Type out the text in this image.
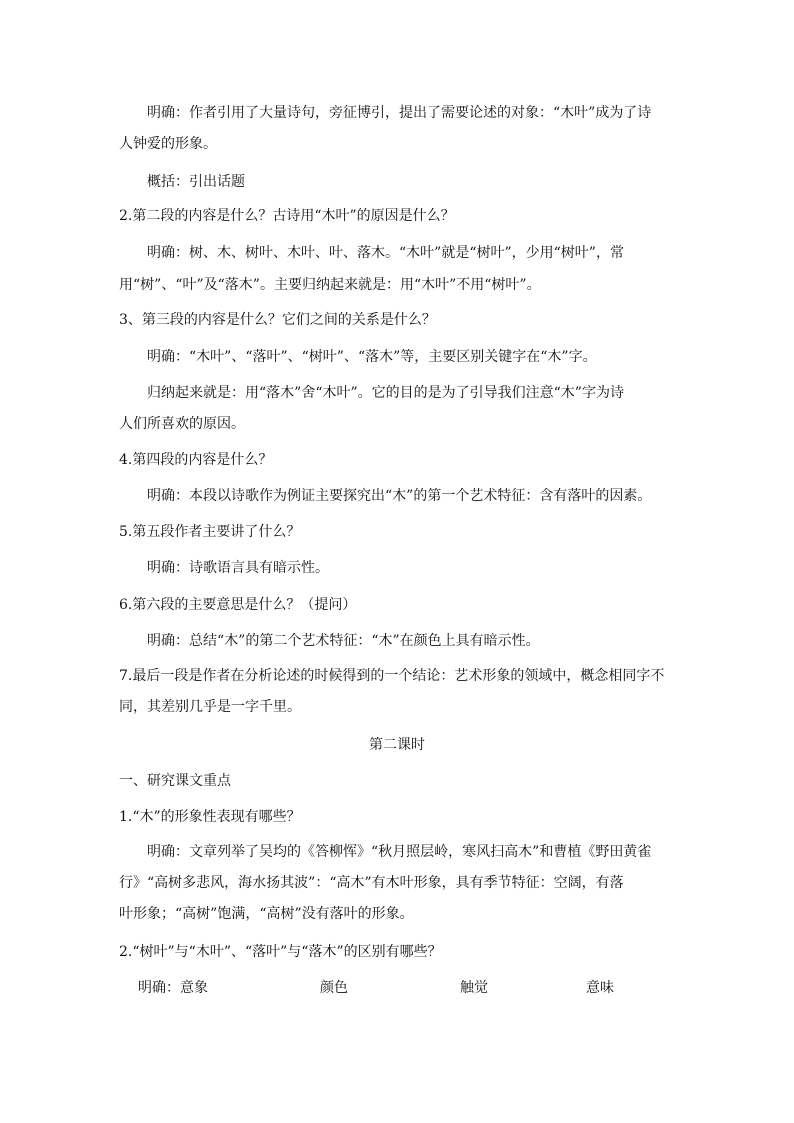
明确：作者引用了大量诗句，旁征博引，提出了需要论述的对象：“木叶”成为了诗
人钟爱的形象。
概括：引出话题
2.第二段的内容是什么？古诗用“木叶”的原因是什么？
明确：树、木、树叶、木叶、叶、落木。“木叶”就是“树叶”，少用“树叶”，常
用“树”、“叶”及“落木”。主要归纳起来就是：用“木叶”不用“树叶”。
3、第三段的内容是什么？它们之间的关系是什么？
明确：“木叶”、“落叶”、“树叶”、“落木”等，主要区别关键字在“木”字。
归纳起来就是：用“落木”舍“木叶”。它的目的是为了引导我们注意“木”字为诗
人们所喜欢的原因。
4.第四段的内容是什么？
明确：本段以诗歌作为例证主要探究出“木”的第一个艺术特征：含有落叶的因素。
5.第五段作者主要讲了什么？
明确：诗歌语言具有暗示性。
6.第六段的主要意思是什么？（提问）
明确：总结“木”的第二个艺术特征：“木”在颜色上具有暗示性。
7.最后一段是作者在分析论述的时候得到的一个结论：艺术形象的领域中，概念相同字不
同，其差别几乎是一字千里。
第二课时
一、研究课文重点
1.“木”的形象性表现有哪些？
明确：文章列举了吴均的《答柳恽》“秋月照层岭，寒风扫高木”和曹植《野田黄雀
行》“高树多悲风，海水扬其波”：“高木”有木叶形象，具有季节特征：空阔，有落
叶形象；“高树”饱满，“高树”没有落叶的形象。
2.“树叶”与“木叶”、“落叶”与“落木”的区别有哪些？
明确： 意象	颜色	触觉	意味
